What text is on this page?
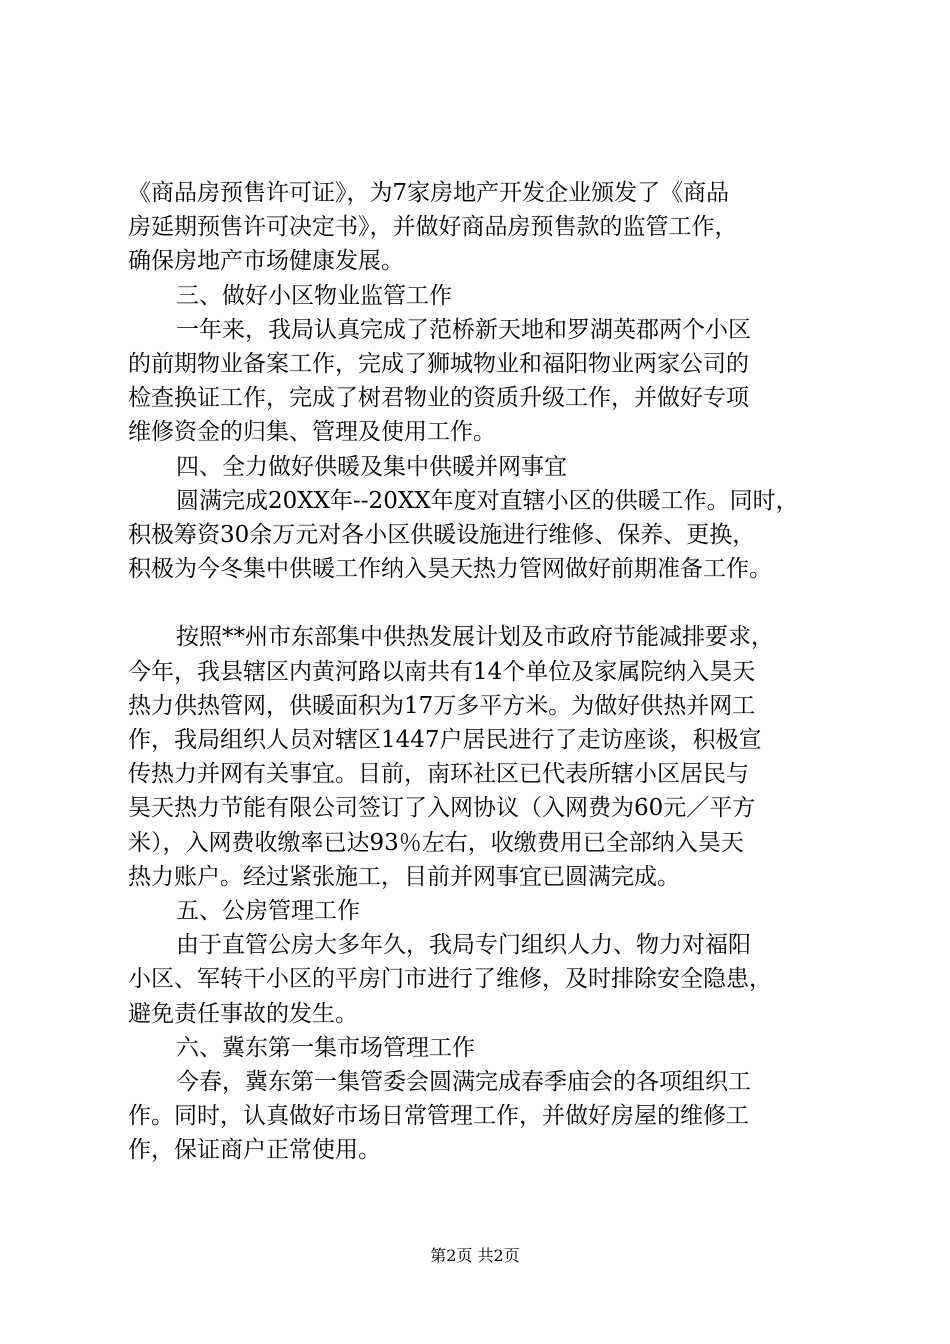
《商品房预售许可证》，为7家房地产开发企业颁发了《商品
房延期预售许可决定书》，并做好商品房预售款的监管工作，
确保房地产市场健康发展。
三、做好小区物业监管工作
一年来，我局认真完成了范桥新天地和罗湖英郡两个小区
的前期物业备案工作，完成了狮城物业和福阳物业两家公司的
检查换证工作，完成了树君物业的资质升级工作，并做好专项
维修资金的归集、管理及使用工作。
四、全力做好供暖及集中供暖并网事宜
圆满完成20XX年--20XX年度对直辖小区的供暖工作。同时，
积极筹资30余万元对各小区供暖设施进行维修、保养、更换，
积极为今冬集中供暖工作纳入昊天热力管网做好前期准备工作。
按照**州市东部集中供热发展计划及市政府节能减排要求，
今年，我县辖区内黄河路以南共有14个单位及家属院纳入昊天
热力供热管网，供暖面积为17万多平方米。为做好供热并网工
作，我局组织人员对辖区1447户居民进行了走访座谈，积极宣
传热力并网有关事宜。目前，南环社区已代表所辖小区居民与
昊天热力节能有限公司签订了入网协议（入网费为60元／平方
米），入网费收缴率已达93％左右，收缴费用已全部纳入昊天
热力账户。经过紧张施工，目前并网事宜已圆满完成。
五、公房管理工作
由于直管公房大多年久，我局专门组织人力、物力对福阳
小区、军转干小区的平房门市进行了维修，及时排除安全隐患，
避免责任事故的发生。
六、冀东第一集市场管理工作
今春，冀东第一集管委会圆满完成春季庙会的各项组织工
作。同时，认真做好市场日常管理工作，并做好房屋的维修工
作，保证商户正常使用。
第2页 共2页
